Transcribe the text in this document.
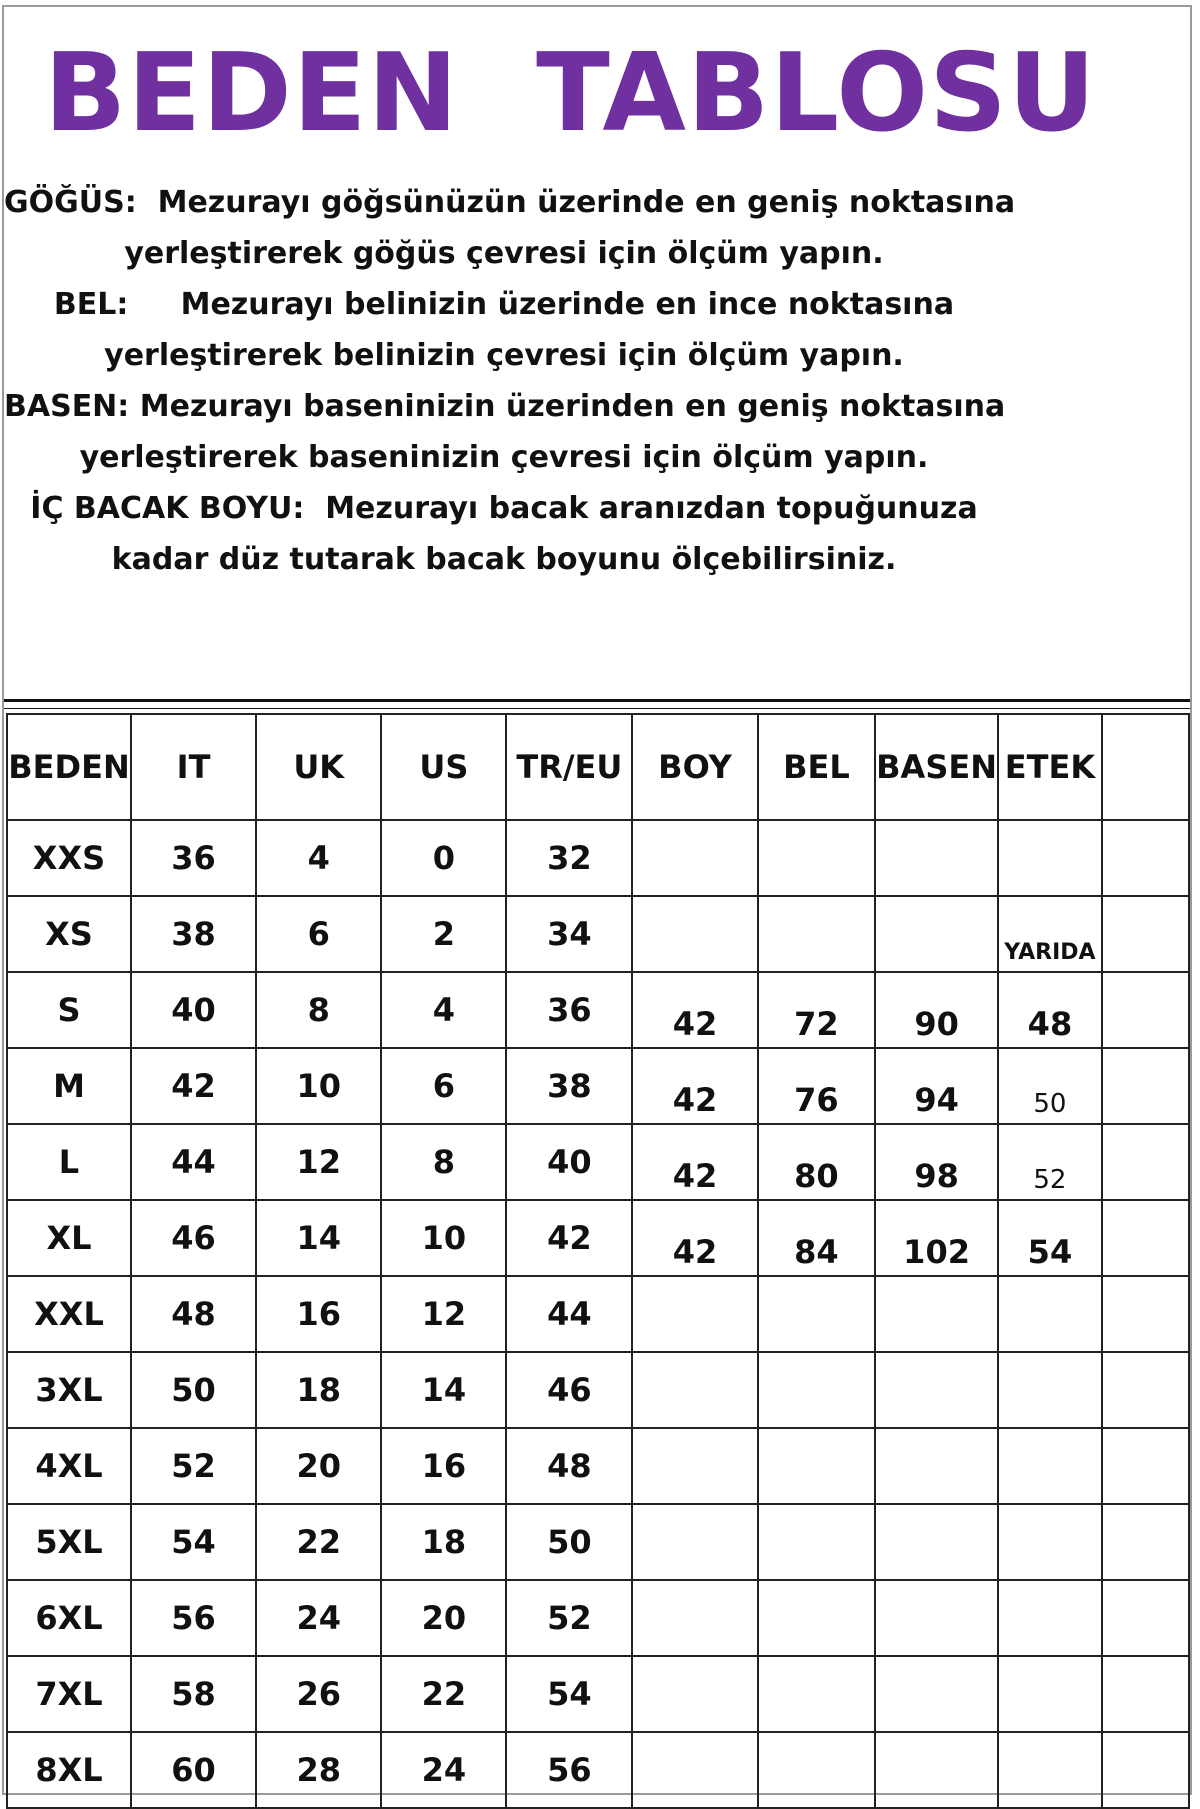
BEDEN  TABLOSU
GÖĞÜS:  Mezurayı göğsünüzün üzerinde en geniş noktasına
yerleştirerek göğüs çevresi için ölçüm yapın.
BEL:     Mezurayı belinizin üzerinde en ince noktasına
yerleştirerek belinizin çevresi için ölçüm yapın.
BASEN: Mezurayı baseninizin üzerinden en geniş noktasına
yerleştirerek baseninizin çevresi için ölçüm yapın.
İÇ BACAK BOYU:  Mezurayı bacak aranızdan topuğunuza
kadar düz tutarak bacak boyunu ölçebilirsiniz.
BEDEN	IT	UK	US	TR/EU	BOY	BEL	BASEN	ETEK	
XXS	36	4	0	32					
XS	38	6	2	34				YARIDA	
S	40	8	4	36	42	72	90	48	
M	42	10	6	38	42	76	94	50	
L	44	12	8	40	42	80	98	52	
XL	46	14	10	42	42	84	102	54	
XXL	48	16	12	44					
3XL	50	18	14	46					
4XL	52	20	16	48					
5XL	54	22	18	50					
6XL	56	24	20	52					
7XL	58	26	22	54					
8XL	60	28	24	56					
